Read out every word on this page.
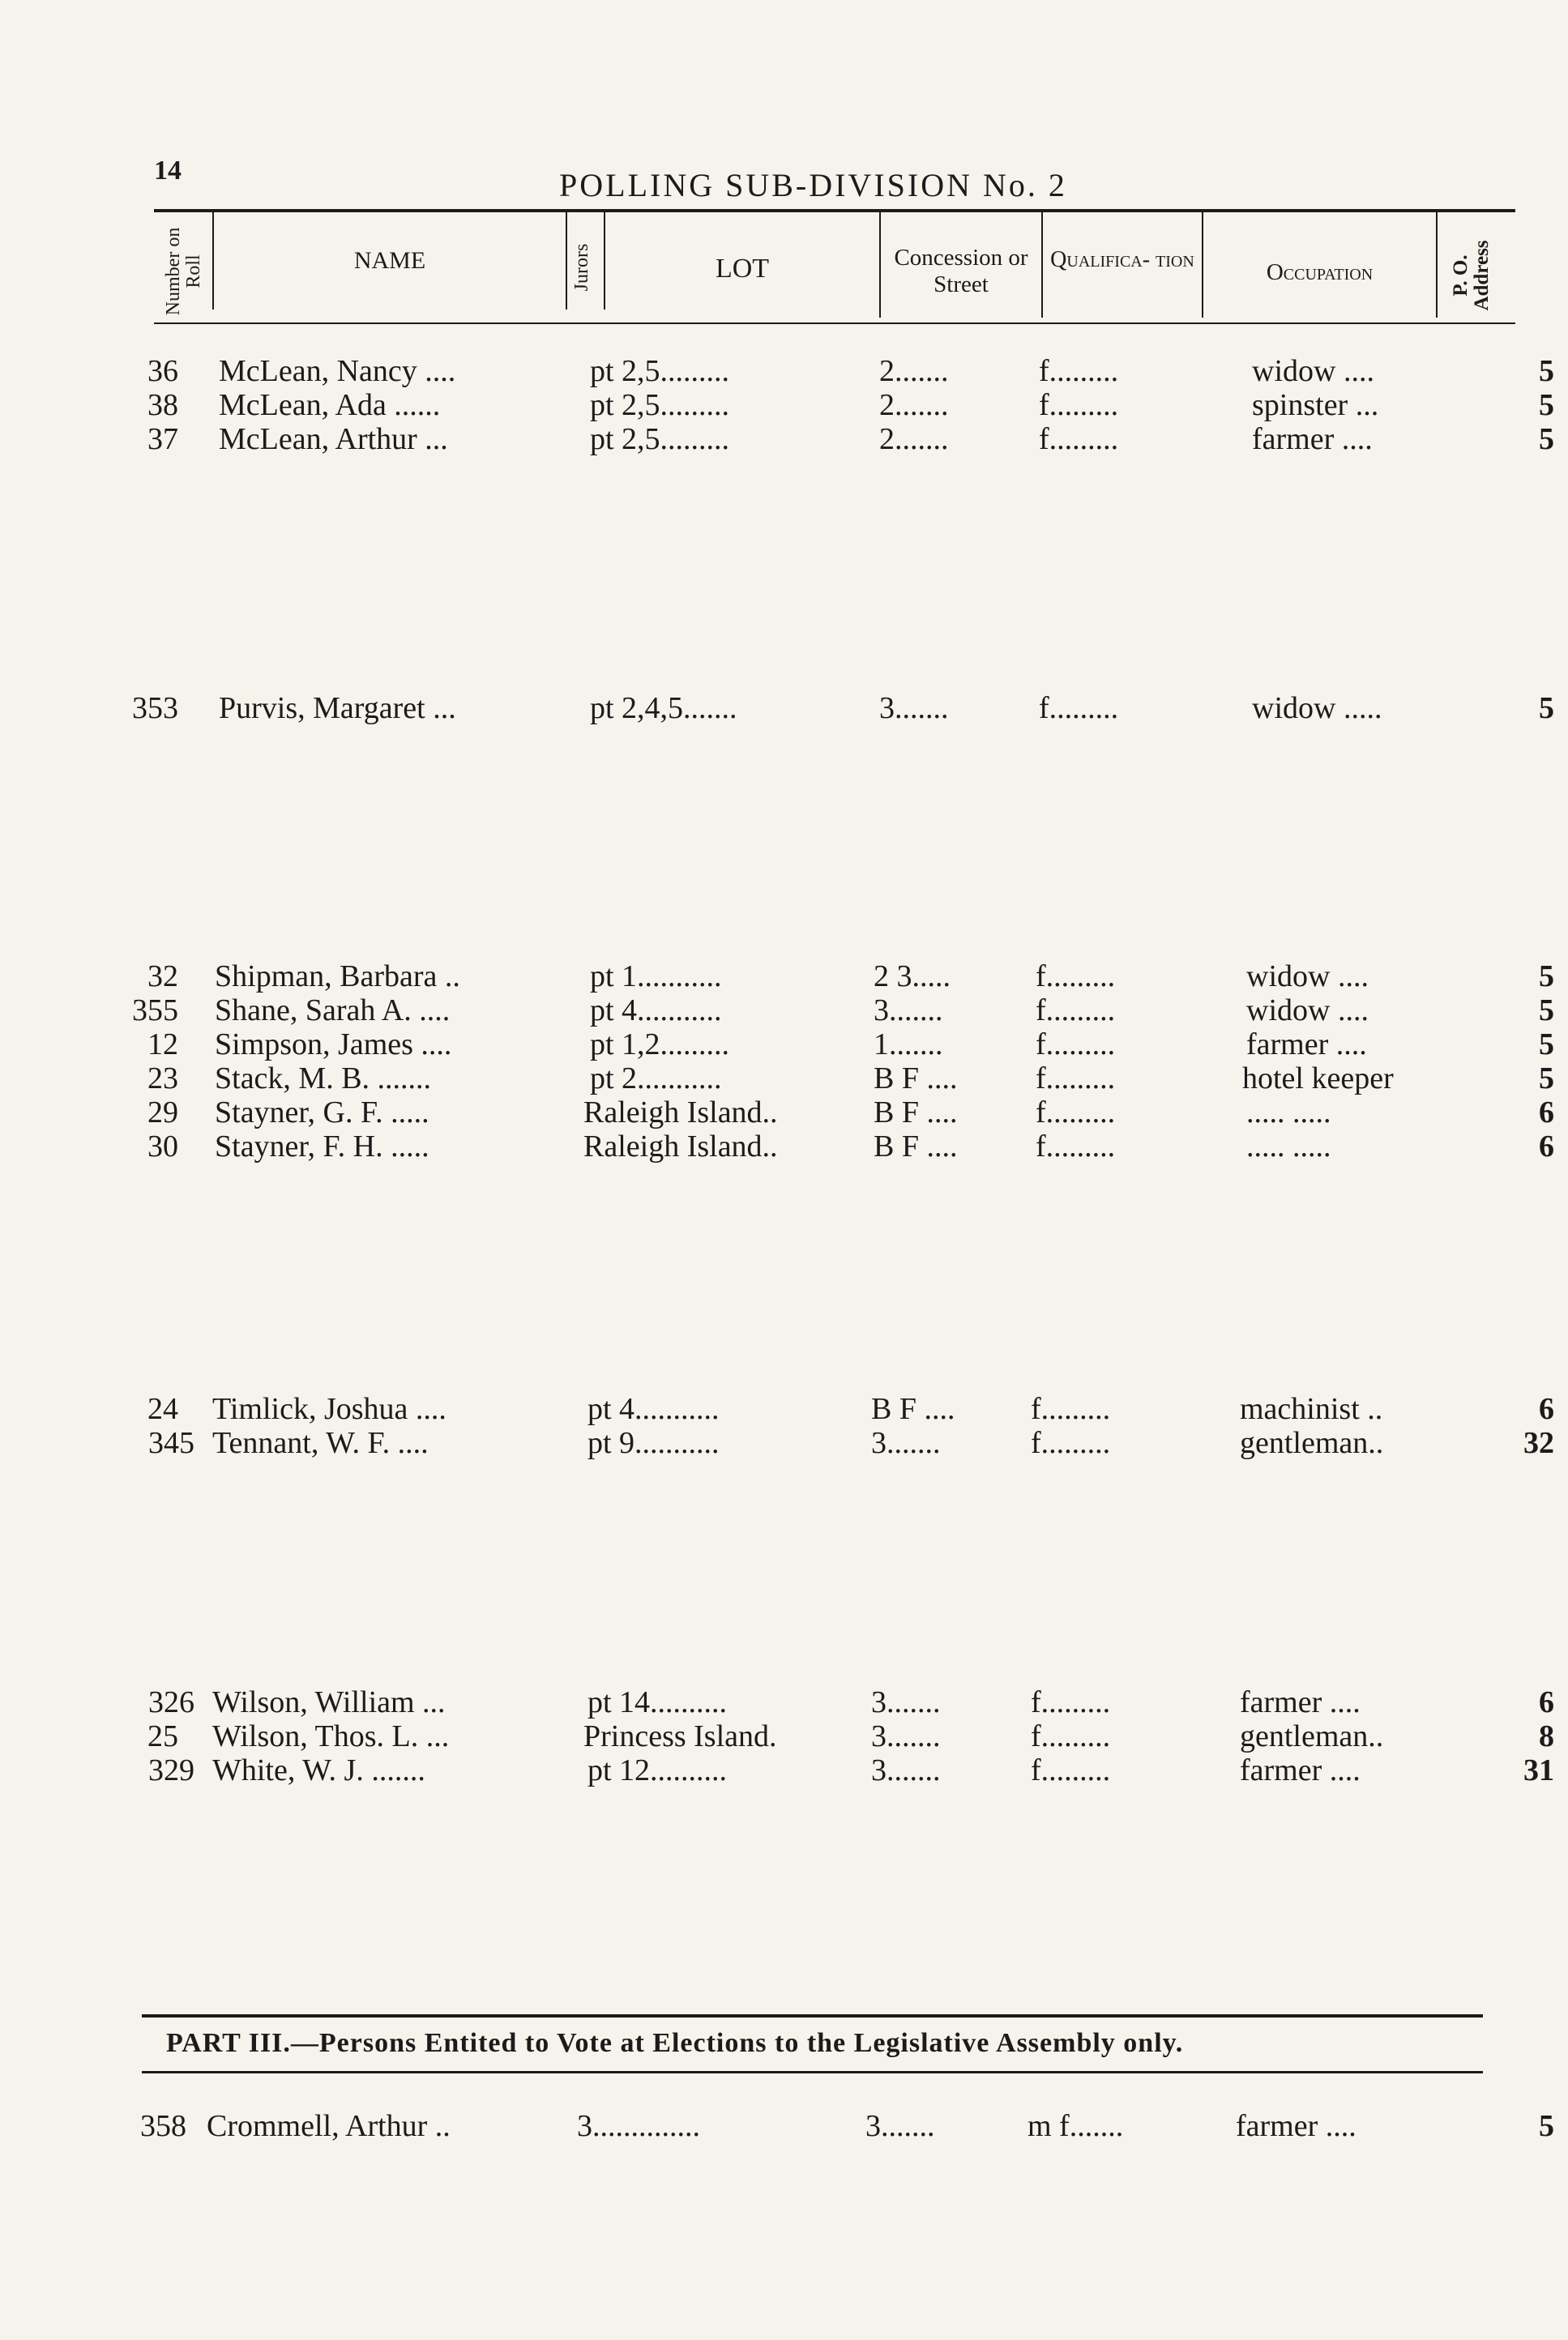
14	POLLING SUB-DIVISION No. 2
Number on Roll	NAME	Jurors	LOT	Concession or Street
Qualifica- tion	Occupation	P. O. Address
36 McLean, Nancy ....	pt 2,5.........	2.......	f.........	widow ....	5
38 McLean, Ada ......	pt 2,5.........	2.......	f.........	spinster ...	5
37 McLean, Arthur ...	pt 2,5.........	2.......	f.........	farmer ....	5
353 Purvis, Margaret ...	pt 2,4,5.......	3.......	f.........	widow .....	5
32 Shipman, Barbara ..	pt 1...........	2 3.....	f.........	widow ....	5
355 Shane, Sarah A. ....	pt 4...........	3.......	f.........	widow ....	5
12 Simpson, James ....	pt 1,2.........	1.......	f.........	farmer ....	5
23 Stack, M. B. .......	pt 2...........	B F ....	f.........	hotel keeper	5
29 Stayner, G. F. .....	Raleigh Island..	B F ....	f.........	..... .....	6
30 Stayner, F. H. .....	Raleigh Island..	B F ....	f.........	..... .....	6
24 Timlick, Joshua ....	pt 4...........	B F .... f.........	machinist ..	6
345 Tennant, W. F. ....	pt 9...........	3.......	f.........	gentleman..	32
326 Wilson, William ...	pt 14..........	3.......	f.........	farmer ....	6
25 Wilson, Thos. L. ...	Princess Island.	3.......	f.........	gentleman..	8
329 White, W. J. .......	pt 12..........	3.......	f.........	farmer ....	31
PART III.—Persons Entited to Vote at Elections to the Legislative Assembly only.
358 Crommell, Arthur ..	3..............	3.......	m f.......	farmer ....	5
